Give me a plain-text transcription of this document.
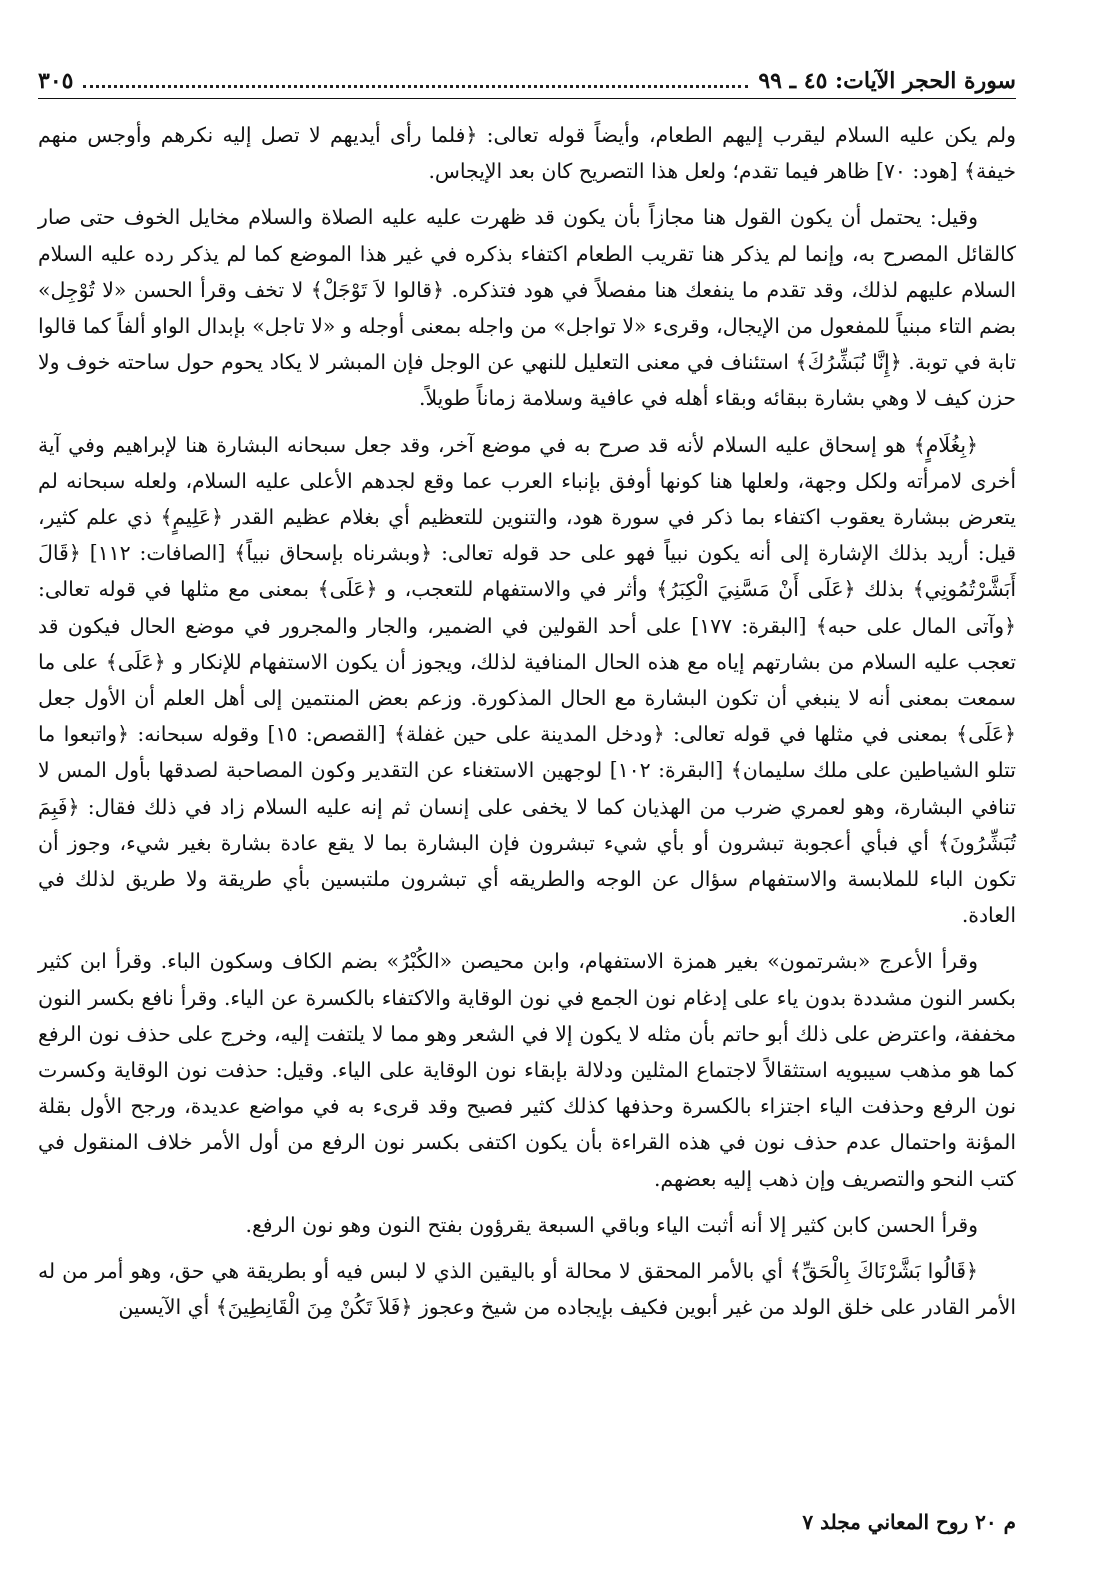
سورة الحجر الآيات: ٤٥ ـ ٩٩
٣٠٥

ولم يكن عليه السلام ليقرب إليهم الطعام، وأيضاً قوله تعالى: ﴿فلما رأى أيديهم لا تصل إليه نكرهم وأوجس منهم خيفة﴾ [هود: ٧٠] ظاهر فيما تقدم؛ ولعل هذا التصريح كان بعد الإيجاس.

وقيل: يحتمل أن يكون القول هنا مجازاً بأن يكون قد ظهرت عليه عليه الصلاة والسلام مخايل الخوف حتى صار كالقائل المصرح به، وإنما لم يذكر هنا تقريب الطعام اكتفاء بذكره في غير هذا الموضع كما لم يذكر رده عليه السلام السلام عليهم لذلك، وقد تقدم ما ينفعك هنا مفصلاً في هود فتذكره. ﴿قالوا لاَ تَوْجَلْ﴾ لا تخف وقرأ الحسن «لا تُوْجِل» بضم التاء مبنياً للمفعول من الإيجال، وقرىء «لا تواجل» من واجله بمعنى أوجله و «لا تاجل» بإبدال الواو ألفاً كما قالوا تابة في توبة. ﴿إِنَّا نُبَشِّرُكَ﴾ استئناف في معنى التعليل للنهي عن الوجل فإن المبشر لا يكاد يحوم حول ساحته خوف ولا حزن كيف لا وهي بشارة ببقائه وبقاء أهله في عافية وسلامة زماناً طويلاً.

﴿بِغُلَامٍ﴾ هو إسحاق عليه السلام لأنه قد صرح به في موضع آخر، وقد جعل سبحانه البشارة هنا لإبراهيم وفي آية أخرى لامرأته ولكل وجهة، ولعلها هنا كونها أوفق بإنباء العرب عما وقع لجدهم الأعلى عليه السلام، ولعله سبحانه لم يتعرض ببشارة يعقوب اكتفاء بما ذكر في سورة هود، والتنوين للتعظيم أي بغلام عظيم القدر ﴿عَلِيمٍ﴾ ذي علم كثير، قيل: أريد بذلك الإشارة إلى أنه يكون نبياً فهو على حد قوله تعالى: ﴿وبشرناه بإسحاق نبياً﴾ [الصافات: ١١٢] ﴿قَالَ أَبَشَّرْتُمُونِي﴾ بذلك ﴿عَلَى أَنْ مَسَّنِيَ الْكِبَرُ﴾ وأثر في والاستفهام للتعجب، و ﴿عَلَى﴾ بمعنى مع مثلها في قوله تعالى: ﴿وآتى المال على حبه﴾ [البقرة: ١٧٧] على أحد القولين في الضمير، والجار والمجرور في موضع الحال فيكون قد تعجب عليه السلام من بشارتهم إياه مع هذه الحال المنافية لذلك، ويجوز أن يكون الاستفهام للإنكار و ﴿عَلَى﴾ على ما سمعت بمعنى أنه لا ينبغي أن تكون البشارة مع الحال المذكورة. وزعم بعض المنتمين إلى أهل العلم أن الأول جعل ﴿عَلَى﴾ بمعنى في مثلها في قوله تعالى: ﴿ودخل المدينة على حين غفلة﴾ [القصص: ١٥] وقوله سبحانه: ﴿واتبعوا ما تتلو الشياطين على ملك سليمان﴾ [البقرة: ١٠٢] لوجهين الاستغناء عن التقدير وكون المصاحبة لصدقها بأول المس لا تنافي البشارة، وهو لعمري ضرب من الهذيان كما لا يخفى على إنسان ثم إنه عليه السلام زاد في ذلك فقال: ﴿فَبِمَ تُبَشِّرُونَ﴾ أي فبأي أعجوبة تبشرون أو بأي شيء تبشرون فإن البشارة بما لا يقع عادة بشارة بغير شيء، وجوز أن تكون الباء للملابسة والاستفهام سؤال عن الوجه والطريقه أي تبشرون ملتبسين بأي طريقة ولا طريق لذلك في العادة.

وقرأ الأعرج «بشرتمون» بغير همزة الاستفهام، وابن محيصن «الكُبْرُ» بضم الكاف وسكون الباء. وقرأ ابن كثير بكسر النون مشددة بدون ياء على إدغام نون الجمع في نون الوقاية والاكتفاء بالكسرة عن الياء. وقرأ نافع بكسر النون مخففة، واعترض على ذلك أبو حاتم بأن مثله لا يكون إلا في الشعر وهو مما لا يلتفت إليه، وخرج على حذف نون الرفع كما هو مذهب سيبويه استثقالاً لاجتماع المثلين ودلالة بإبقاء نون الوقاية على الياء. وقيل: حذفت نون الوقاية وكسرت نون الرفع وحذفت الياء اجتزاء بالكسرة وحذفها كذلك كثير فصيح وقد قرىء به في مواضع عديدة، ورجح الأول بقلة المؤنة واحتمال عدم حذف نون في هذه القراءة بأن يكون اكتفى بكسر نون الرفع من أول الأمر خلاف المنقول في كتب النحو والتصريف وإن ذهب إليه بعضهم.

وقرأ الحسن كابن كثير إلا أنه أثبت الياء وباقي السبعة يقرؤون بفتح النون وهو نون الرفع.

﴿قَالُوا بَشَّرْنَاكَ بِالْحَقِّ﴾ أي بالأمر المحقق لا محالة أو باليقين الذي لا لبس فيه أو بطريقة هي حق، وهو أمر من له الأمر القادر على خلق الولد من غير أبوين فكيف بإيجاده من شيخ وعجوز ﴿فَلاَ تَكُنْ مِنَ الْقَانِطِينَ﴾ أي الآيسين

م ٢٠ روح المعاني مجلد ٧
